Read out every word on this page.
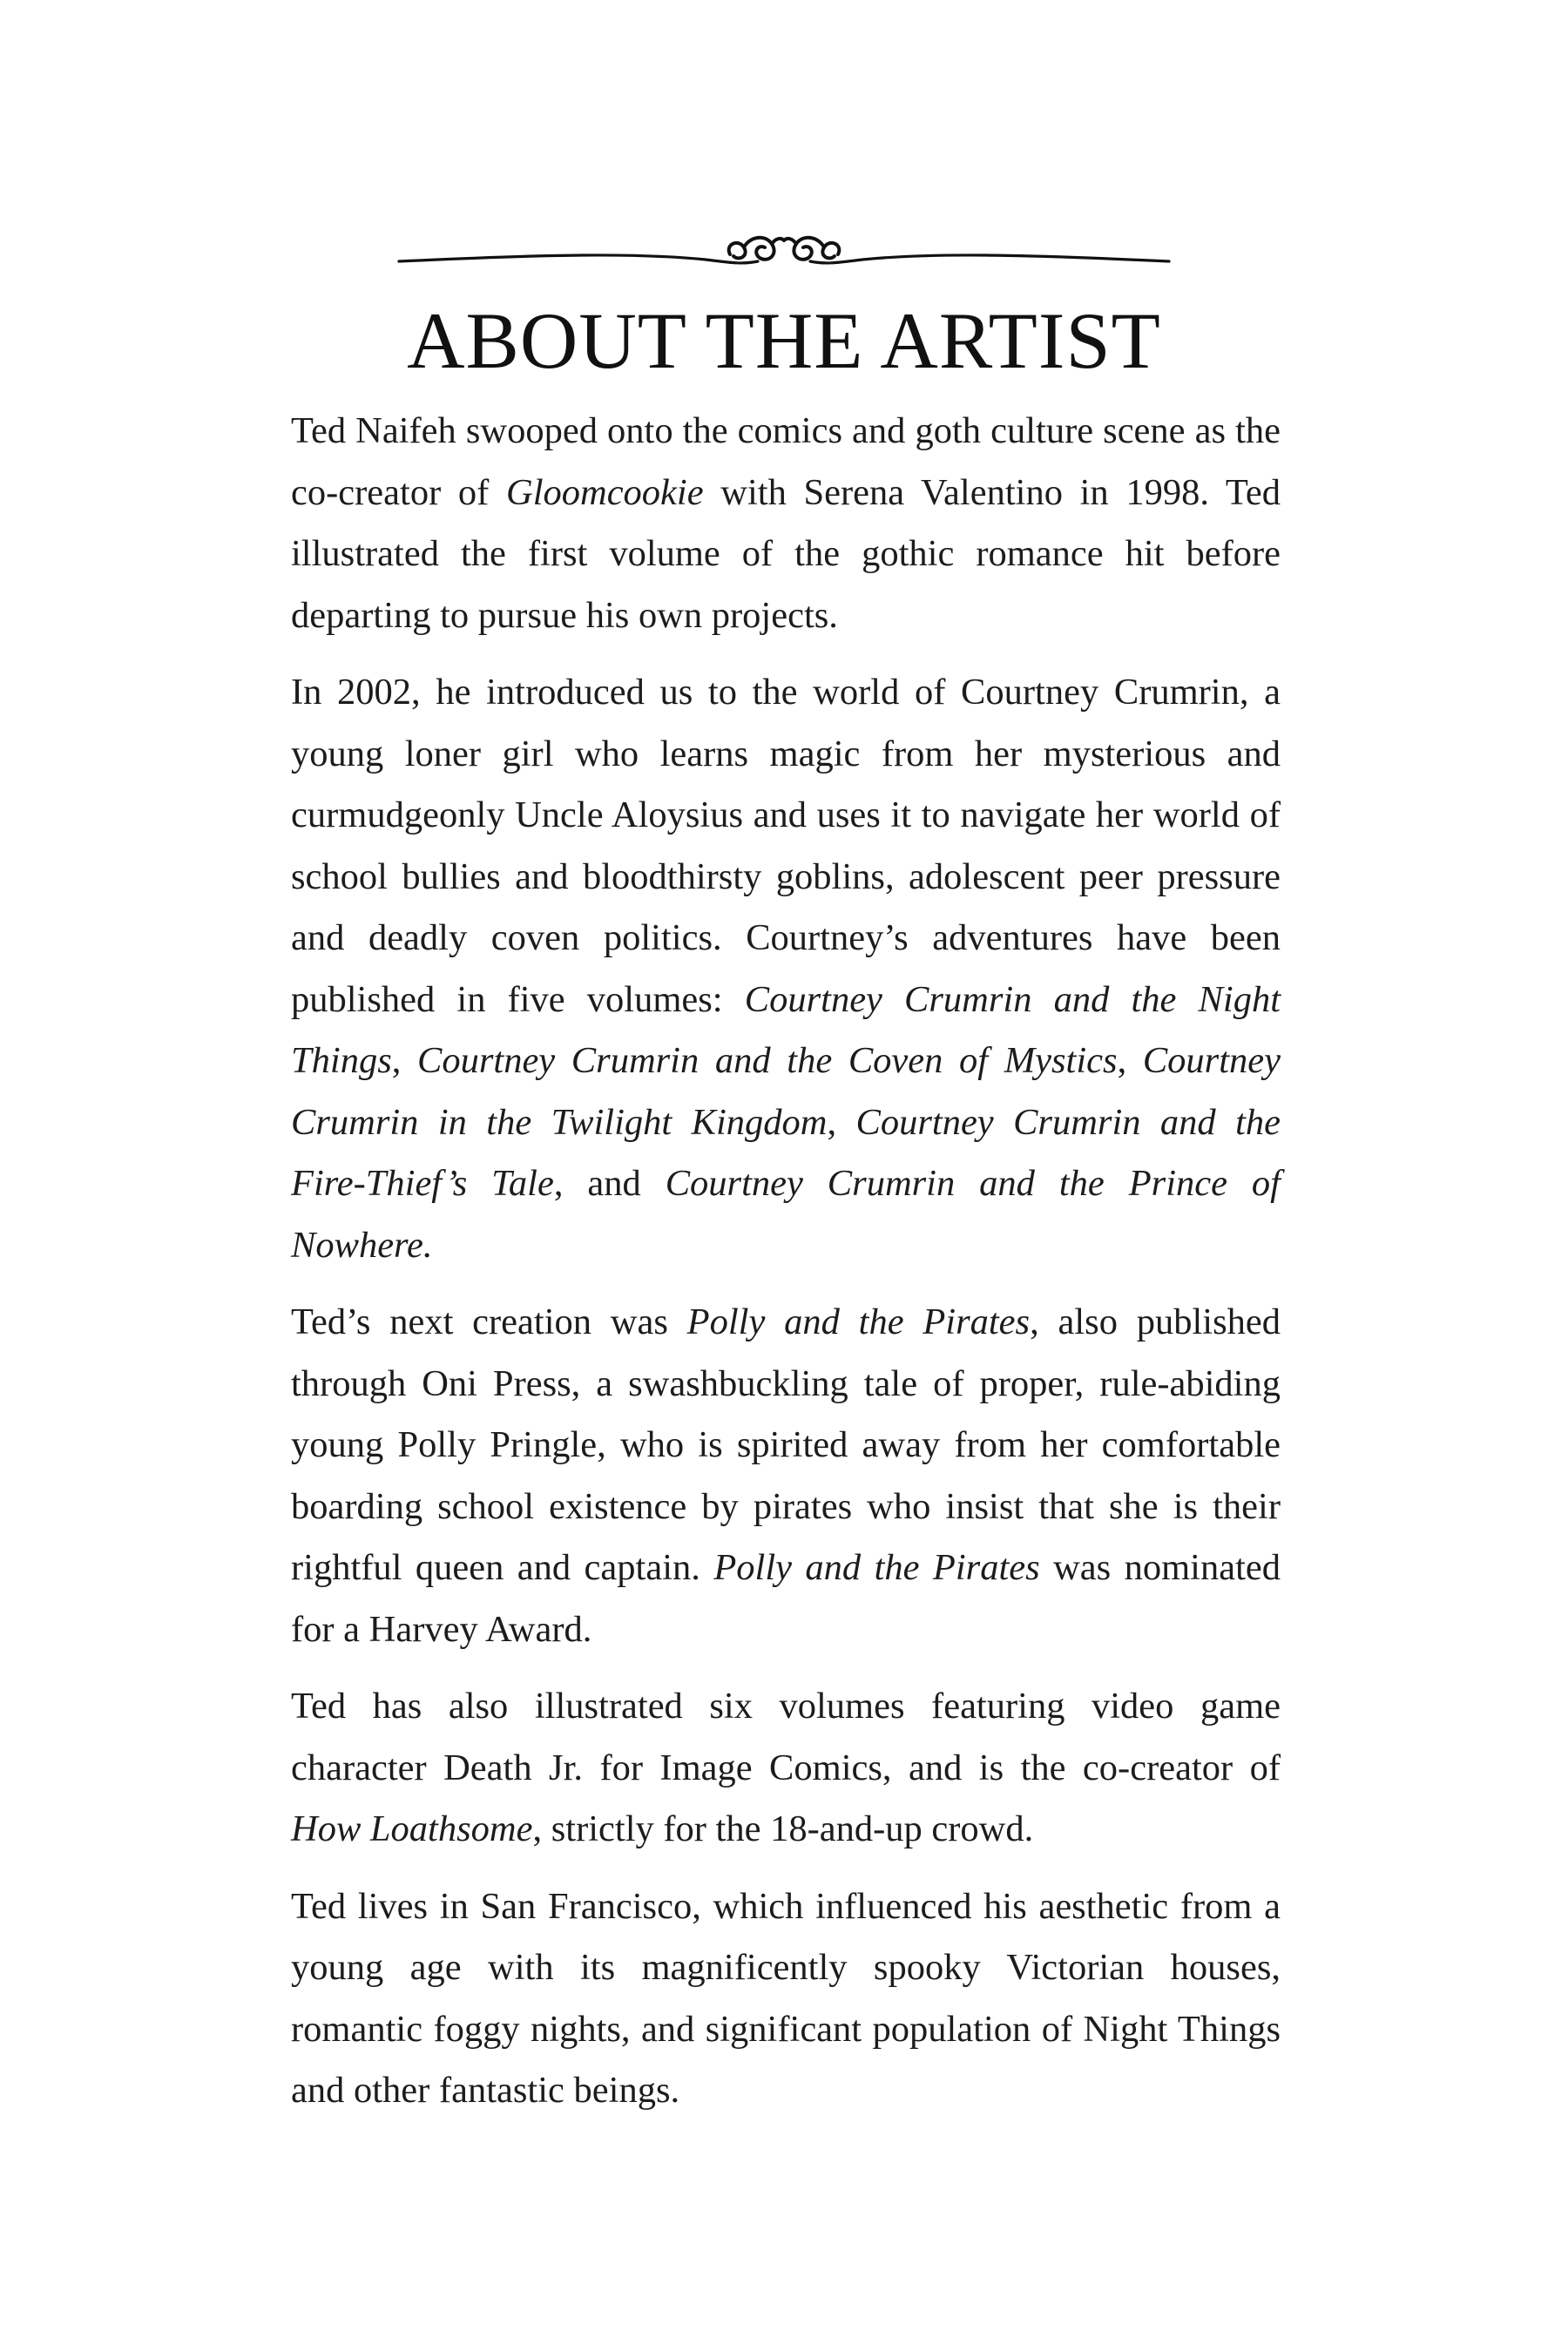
ABOUT THE ARTIST

Ted Naifeh swooped onto the comics and goth culture scene as the co-creator of Gloomcookie with Serena Valentino in 1998. Ted illustrated the first volume of the gothic romance hit before departing to pursue his own projects.

In 2002, he introduced us to the world of Courtney Crumrin, a young loner girl who learns magic from her mysterious and curmudgeonly Uncle Aloysius and uses it to navigate her world of school bullies and bloodthirsty goblins, adolescent peer pressure and deadly coven politics. Courtney’s adventures have been published in five volumes: Courtney Crumrin and the Night Things, Courtney Crumrin and the Coven of Mystics, Courtney Crumrin in the Twilight Kingdom, Courtney Crumrin and the Fire-Thief’s Tale, and Courtney Crumrin and the Prince of Nowhere.

Ted’s next creation was Polly and the Pirates, also published through Oni Press, a swashbuckling tale of proper, rule-abiding young Polly Pringle, who is spirited away from her comfortable boarding school existence by pirates who insist that she is their rightful queen and captain. Polly and the Pirates was nominated for a Harvey Award.

Ted has also illustrated six volumes featuring video game character Death Jr. for Image Comics, and is the co-creator of How Loathsome, strictly for the 18-and-up crowd.

Ted lives in San Francisco, which influenced his aesthetic from a young age with its magnificently spooky Victorian houses, romantic foggy nights, and significant population of Night Things and other fantastic beings.
